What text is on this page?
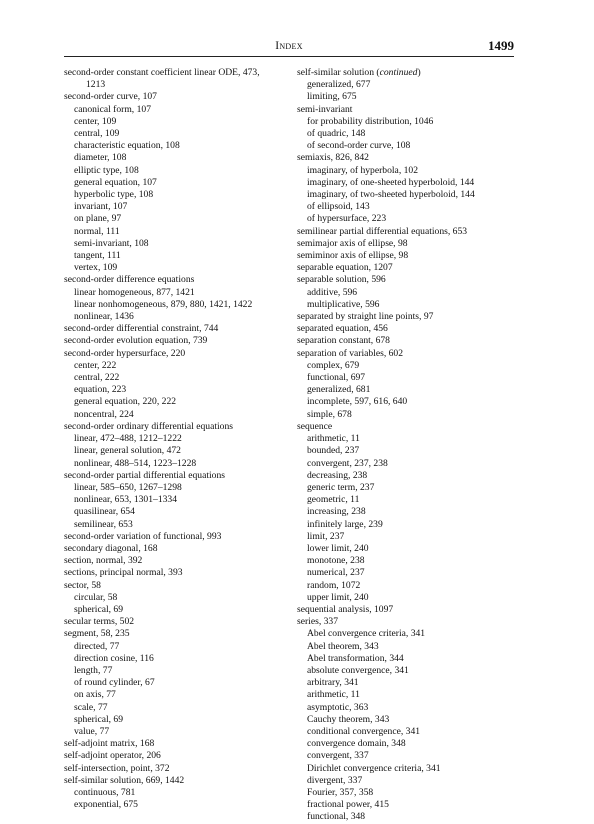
Index	1499
second-order constant coefficient linear ODE, 473,
1213
second-order curve, 107
canonical form, 107
center, 109
central, 109
characteristic equation, 108
diameter, 108
elliptic type, 108
general equation, 107
hyperbolic type, 108
invariant, 107
on plane, 97
normal, 111
semi-invariant, 108
tangent, 111
vertex, 109
second-order difference equations
linear homogeneous, 877, 1421
linear nonhomogeneous, 879, 880, 1421, 1422
nonlinear, 1436
second-order differential constraint, 744
second-order evolution equation, 739
second-order hypersurface, 220
center, 222
central, 222
equation, 223
general equation, 220, 222
noncentral, 224
second-order ordinary differential equations
linear, 472–488, 1212–1222
linear, general solution, 472
nonlinear, 488–514, 1223–1228
second-order partial differential equations
linear, 585–650, 1267–1298
nonlinear, 653, 1301–1334
quasilinear, 654
semilinear, 653
second-order variation of functional, 993
secondary diagonal, 168
section, normal, 392
sections, principal normal, 393
sector, 58
circular, 58
spherical, 69
secular terms, 502
segment, 58, 235
directed, 77
direction cosine, 116
length, 77
of round cylinder, 67
on axis, 77
scale, 77
spherical, 69
value, 77
self-adjoint matrix, 168
self-adjoint operator, 206
self-intersection, point, 372
self-similar solution, 669, 1442
continuous, 781
exponential, 675
self-similar solution (continued)
generalized, 677
limiting, 675
semi-invariant
for probability distribution, 1046
of quadric, 148
of second-order curve, 108
semiaxis, 826, 842
imaginary, of hyperbola, 102
imaginary, of one-sheeted hyperboloid, 144
imaginary, of two-sheeted hyperboloid, 144
of ellipsoid, 143
of hypersurface, 223
semilinear partial differential equations, 653
semimajor axis of ellipse, 98
semiminor axis of ellipse, 98
separable equation, 1207
separable solution, 596
additive, 596
multiplicative, 596
separated by straight line points, 97
separated equation, 456
separation constant, 678
separation of variables, 602
complex, 679
functional, 697
generalized, 681
incomplete, 597, 616, 640
simple, 678
sequence
arithmetic, 11
bounded, 237
convergent, 237, 238
decreasing, 238
generic term, 237
geometric, 11
increasing, 238
infinitely large, 239
limit, 237
lower limit, 240
monotone, 238
numerical, 237
random, 1072
upper limit, 240
sequential analysis, 1097
series, 337
Abel convergence criteria, 341
Abel theorem, 343
Abel transformation, 344
absolute convergence, 341
arbitrary, 341
arithmetic, 11
asymptotic, 363
Cauchy theorem, 343
conditional convergence, 341
convergence domain, 348
convergent, 337
Dirichlet convergence criteria, 341
divergent, 337
Fourier, 357, 358
fractional power, 415
functional, 348
